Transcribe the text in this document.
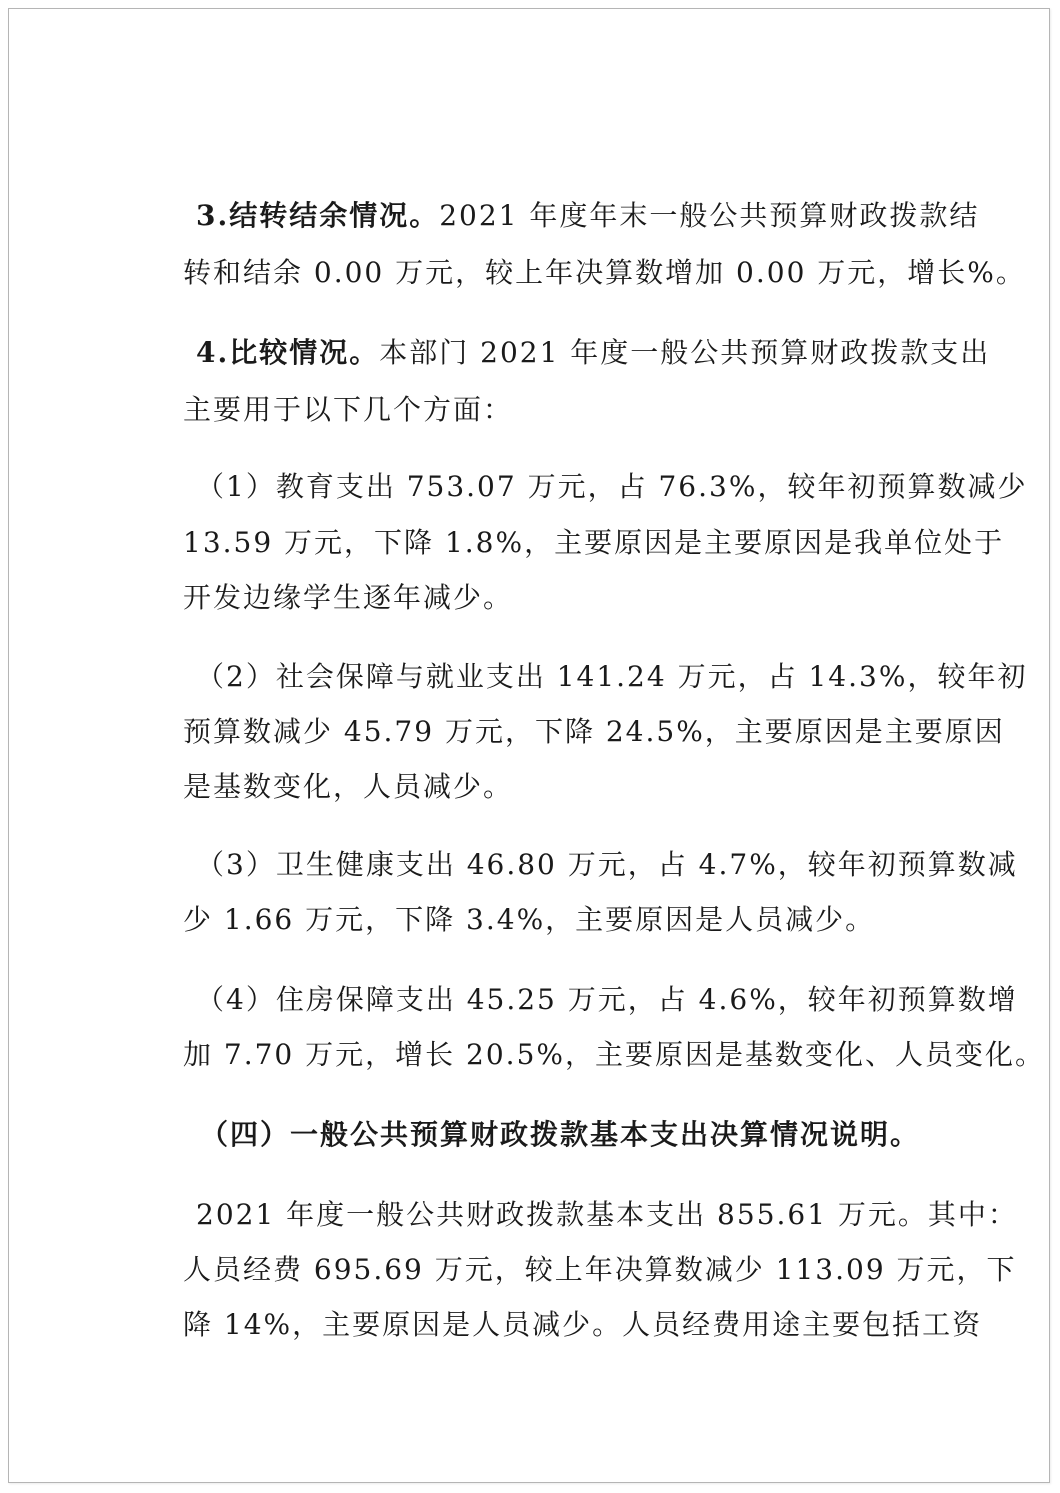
3.结转结余情况。2021 年度年末一般公共预算财政拨款结
转和结余 0.00 万元，较上年决算数增加 0.00 万元，增长%。
4.比较情况。本部门 2021 年度一般公共预算财政拨款支出
主要用于以下几个方面：
（1）教育支出 753.07 万元，占 76.3%，较年初预算数减少
13.59 万元，下降 1.8%，主要原因是主要原因是我单位处于
开发边缘学生逐年减少。
（2）社会保障与就业支出 141.24 万元，占 14.3%，较年初
预算数减少 45.79 万元，下降 24.5%，主要原因是主要原因
是基数变化，人员减少。
（3）卫生健康支出 46.80 万元，占 4.7%，较年初预算数减
少 1.66 万元，下降 3.4%，主要原因是人员减少。
（4）住房保障支出 45.25 万元，占 4.6%，较年初预算数增
加 7.70 万元，增长 20.5%，主要原因是基数变化、人员变化。
（四）一般公共预算财政拨款基本支出决算情况说明。
2021 年度一般公共财政拨款基本支出 855.61 万元。其中：
人员经费 695.69 万元，较上年决算数减少 113.09 万元，下
降 14%，主要原因是人员减少。人员经费用途主要包括工资
